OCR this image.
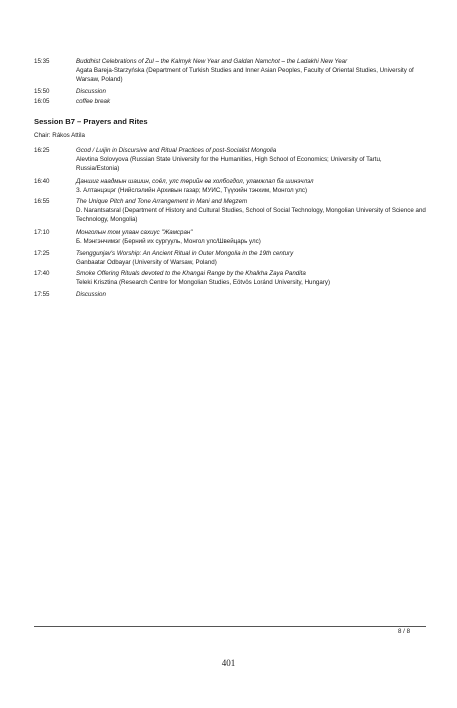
15:35	Buddhist Celebrations of Zul – the Kalmyk New Year and Galdan Namchot – the Ladakhi New Year
Agata Bareja-Starzyńska (Department of Turkish Studies and Inner Asian Peoples, Faculty of Oriental Studies, University of Warsaw, Poland)
15:50	Discussion
16:05	coffee break
Session B7 – Prayers and Rites
Chair: Rákos Attila
16:25	Gcod / Luijin in Discursive and Ritual Practices of post-Socialist Mongolia
Alevtina Solovyova (Russian State University for the Humanities, High School of Economics; University of Tartu, Russia/Estonia)
16:40	Даншиг наадмын шашин, соёл, улс төрийн өв холбогдол, уламжлал ба шинэчлэл
З. Алтанцэцэг (Нийслэлийн Архивын газар; МУИС, Түүхийн тэнхим, Монгол улс)
16:55	The Unique Pitch and Tone Arrangement in Mani and Megzem
D. Narantsatsral (Department of History and Cultural Studies, School of Social Technology, Mongolian University of Science and Technology, Mongolia)
17:10	Монголын том улаан сахиус "Жамсран"
Б. Мэнгэнчимэг (Берний их сургууль, Монгол улс/Швейцарь улс)
17:25	Tsenggunjav's Worship: An Ancient Ritual in Outer Mongolia in the 19th century
Ganbaatar Odbayar (University of Warsaw, Poland)
17:40	Smoke Offering Rituals devoted to the Khangai Range by the Khalkha Zaya Pandita
Teleki Krisztina (Research Centre for Mongolian Studies, Eötvös Loránd University, Hungary)
17:55	Discussion
8 / 8
401
